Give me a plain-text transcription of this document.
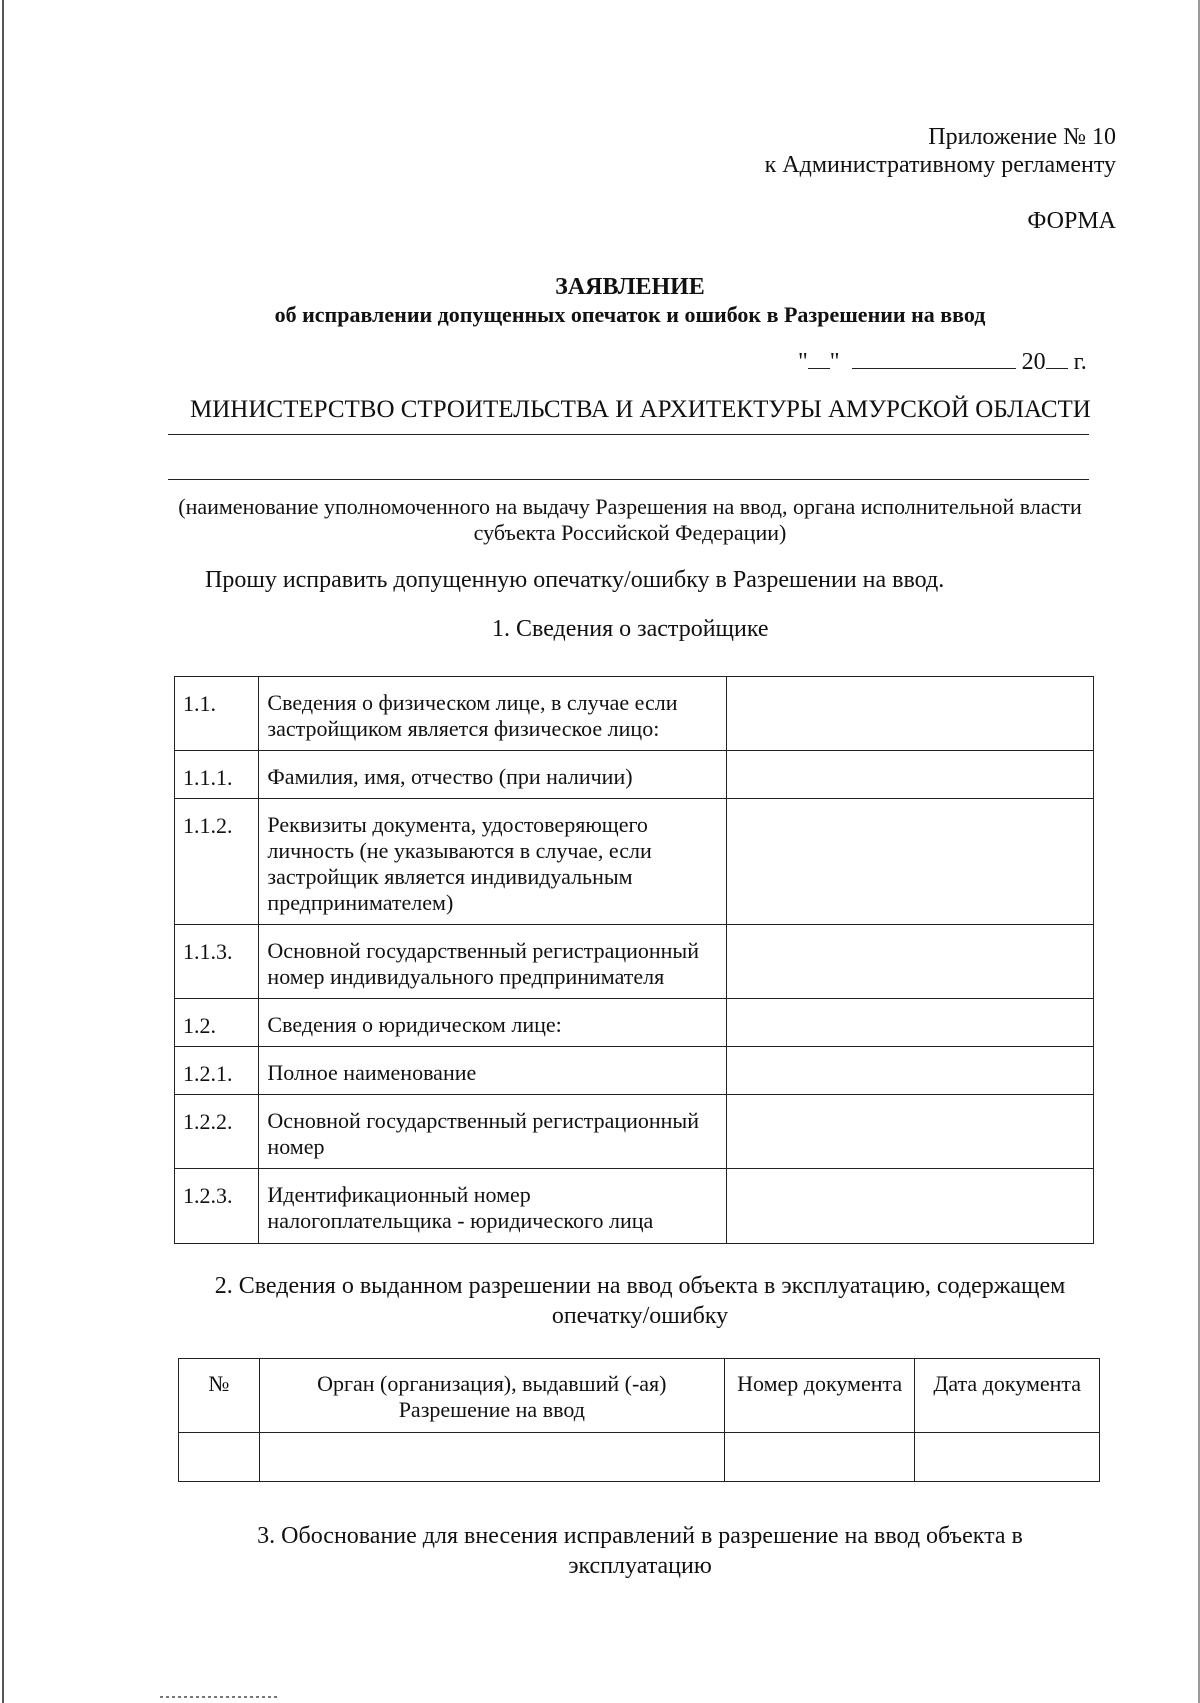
Приложение № 10
к Административному регламенту
ФОРМА
ЗАЯВЛЕНИЕ
об исправлении допущенных опечаток и ошибок в Разрешении на ввод
" "	20 г.
МИНИСТЕРСТВО СТРОИТЕЛЬСТВА И АРХИТЕКТУРЫ АМУРСКОЙ ОБЛАСТИ
(наименование уполномоченного на выдачу Разрешения на ввод, органа исполнительной власти субъекта Российской Федерации)
Прошу исправить допущенную опечатку/ошибку в Разрешении на ввод.
1. Сведения о застройщике
1.1.	Сведения о физическом лице, в случае если застройщиком является физическое лицо:	
1.1.1.	Фамилия, имя, отчество (при наличии)	
1.1.2.	Реквизиты документа, удостоверяющего личность (не указываются в случае, если застройщик является индивидуальным предпринимателем)	
1.1.3.	Основной государственный регистрационный номер индивидуального предпринимателя	
1.2.	Сведения о юридическом лице:	
1.2.1.	Полное наименование	
1.2.2.	Основной государственный регистрационный номер	
1.2.3.	Идентификационный номер налогоплательщика - юридического лица	
2. Сведения о выданном разрешении на ввод объекта в эксплуатацию, содержащем опечатку/ошибку
№	Орган (организация), выдавший (-ая) Разрешение на ввод	Номер документа	Дата документа

3. Обоснование для внесения исправлений в разрешение на ввод объекта в эксплуатацию
